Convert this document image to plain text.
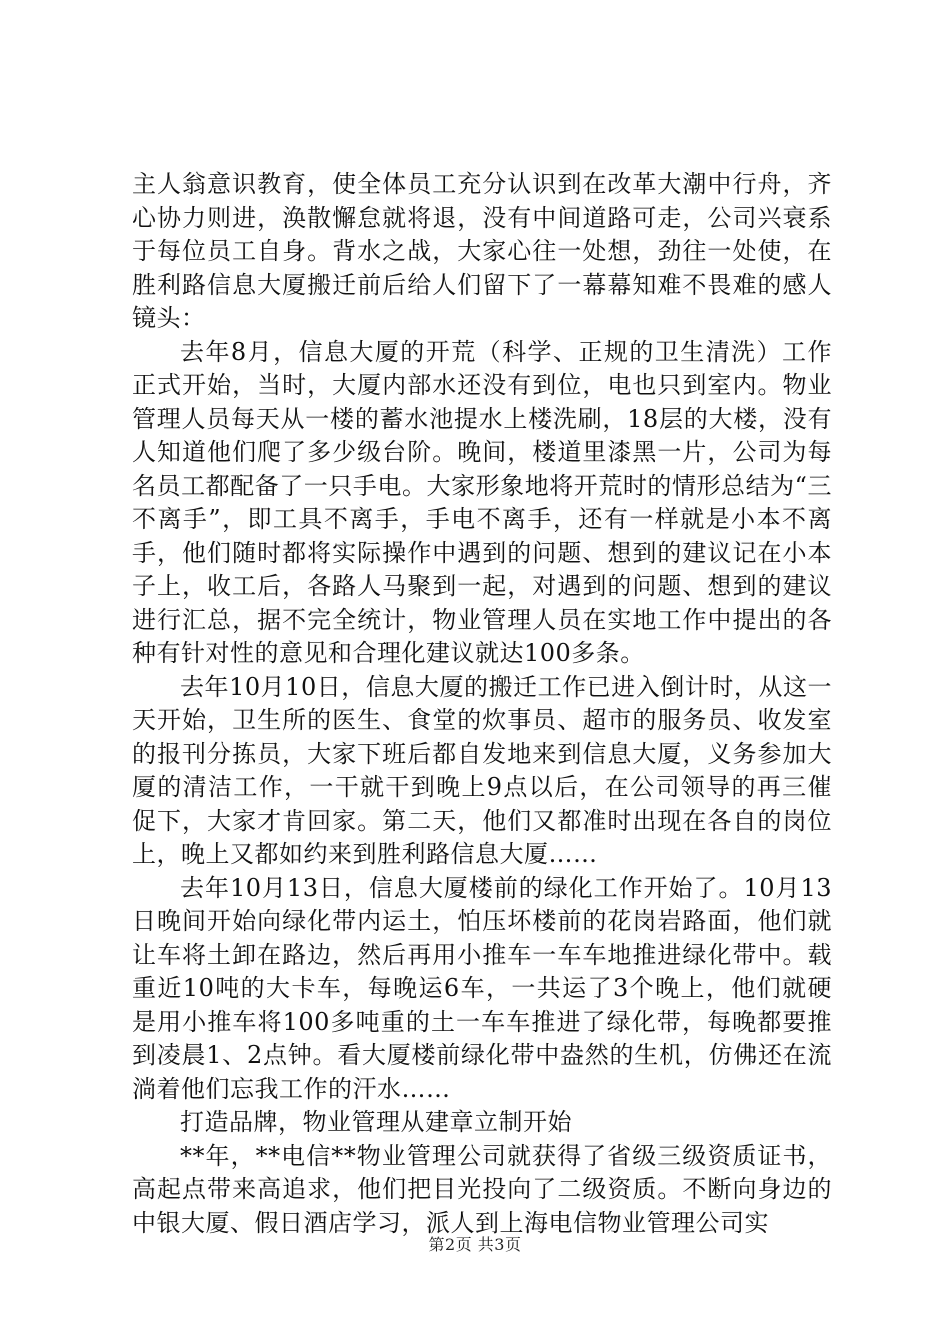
主人翁意识教育，使全体员工充分认识到在改革大潮中行舟，齐心协力则进，涣散懈怠就将退，没有中间道路可走，公司兴衰系于每位员工自身。背水之战，大家心往一处想，劲往一处使，在胜利路信息大厦搬迁前后给人们留下了一幕幕知难不畏难的感人镜头：

去年8月，信息大厦的开荒（科学、正规的卫生清洗）工作正式开始，当时，大厦内部水还没有到位，电也只到室内。物业管理人员每天从一楼的蓄水池提水上楼洗刷，18层的大楼，没有人知道他们爬了多少级台阶。晚间，楼道里漆黑一片，公司为每名员工都配备了一只手电。大家形象地将开荒时的情形总结为“三不离手”，即工具不离手，手电不离手，还有一样就是小本不离手，他们随时都将实际操作中遇到的问题、想到的建议记在小本子上，收工后，各路人马聚到一起，对遇到的问题、想到的建议进行汇总，据不完全统计，物业管理人员在实地工作中提出的各种有针对性的意见和合理化建议就达100多条。

去年10月10日，信息大厦的搬迁工作已进入倒计时，从这一天开始，卫生所的医生、食堂的炊事员、超市的服务员、收发室的报刊分拣员，大家下班后都自发地来到信息大厦，义务参加大厦的清洁工作，一干就干到晚上9点以后，在公司领导的再三催促下，大家才肯回家。第二天，他们又都准时出现在各自的岗位上，晚上又都如约来到胜利路信息大厦……

去年10月13日，信息大厦楼前的绿化工作开始了。10月13日晚间开始向绿化带内运土，怕压坏楼前的花岗岩路面，他们就让车将土卸在路边，然后再用小推车一车车地推进绿化带中。载重近10吨的大卡车，每晚运6车，一共运了3个晚上，他们就硬是用小推车将100多吨重的土一车车推进了绿化带，每晚都要推到凌晨1、2点钟。看大厦楼前绿化带中盎然的生机，仿佛还在流淌着他们忘我工作的汗水……

打造品牌，物业管理从建章立制开始

**年，**电信**物业管理公司就获得了省级三级资质证书，高起点带来高追求，他们把目光投向了二级资质。不断向身边的中银大厦、假日酒店学习，派人到上海电信物业管理公司实

第2页 共3页
